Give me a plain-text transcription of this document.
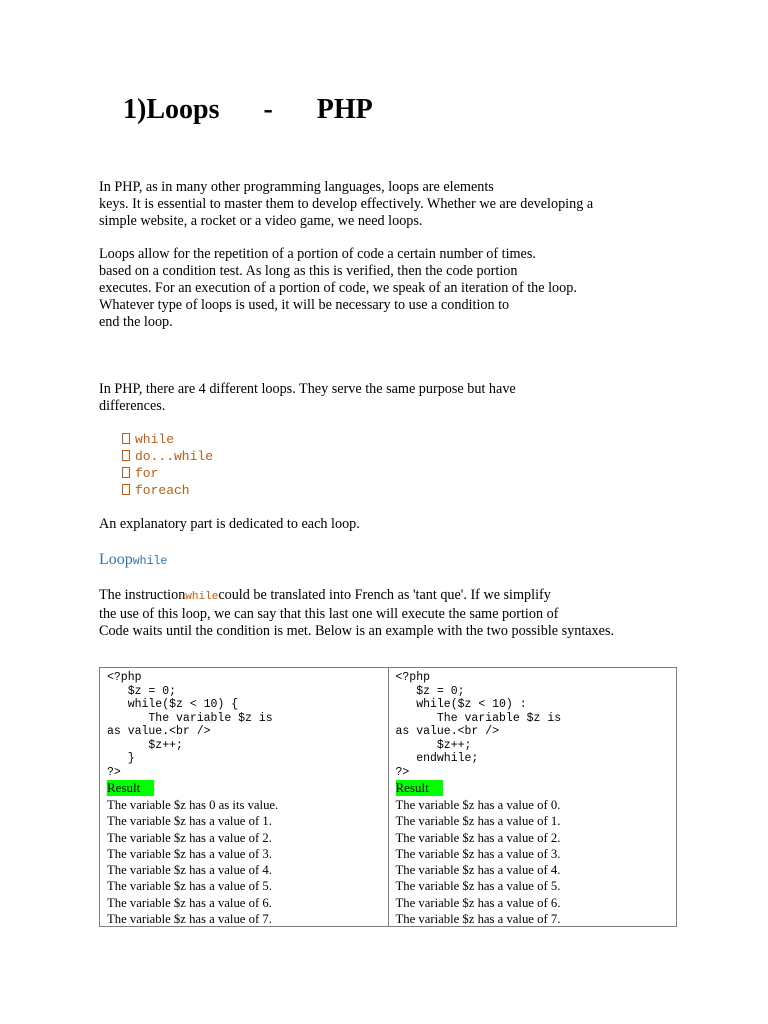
1)Loops - PHP

In PHP, as in many other programming languages, loops are elements
keys. It is essential to master them to develop effectively. Whether we are developing a
simple website, a rocket or a video game, we need loops.

Loops allow for the repetition of a portion of code a certain number of times.
based on a condition test. As long as this is verified, then the code portion
executes. For an execution of a portion of code, we speak of an iteration of the loop.
Whatever type of loops is used, it will be necessary to use a condition to
end the loop.

In PHP, there are 4 different loops. They serve the same purpose but have
differences.

while
do...while
for
foreach

An explanatory part is dedicated to each loop.

Loopwhile

The instructionwhilecould be translated into French as 'tant que'. If we simplify
the use of this loop, we can say that this last one will execute the same portion of
Code waits until the condition is met. Below is an example with the two possible syntaxes.

<?php
$z = 0;
while($z < 10) {
The variable $z is
as value.<br />
$z++;
}
?>
Result
The variable $z has 0 as its value.
The variable $z has a value of 1.
The variable $z has a value of 2.
The variable $z has a value of 3.
The variable $z has a value of 4.
The variable $z has a value of 5.
The variable $z has a value of 6.
The variable $z has a value of 7.
<?php
$z = 0;
while($z < 10) :
The variable $z is
as value.<br />
$z++;
endwhile;
?>
Result
The variable $z has a value of 0.
The variable $z has a value of 1.
The variable $z has a value of 2.
The variable $z has a value of 3.
The variable $z has a value of 4.
The variable $z has a value of 5.
The variable $z has a value of 6.
The variable $z has a value of 7.
